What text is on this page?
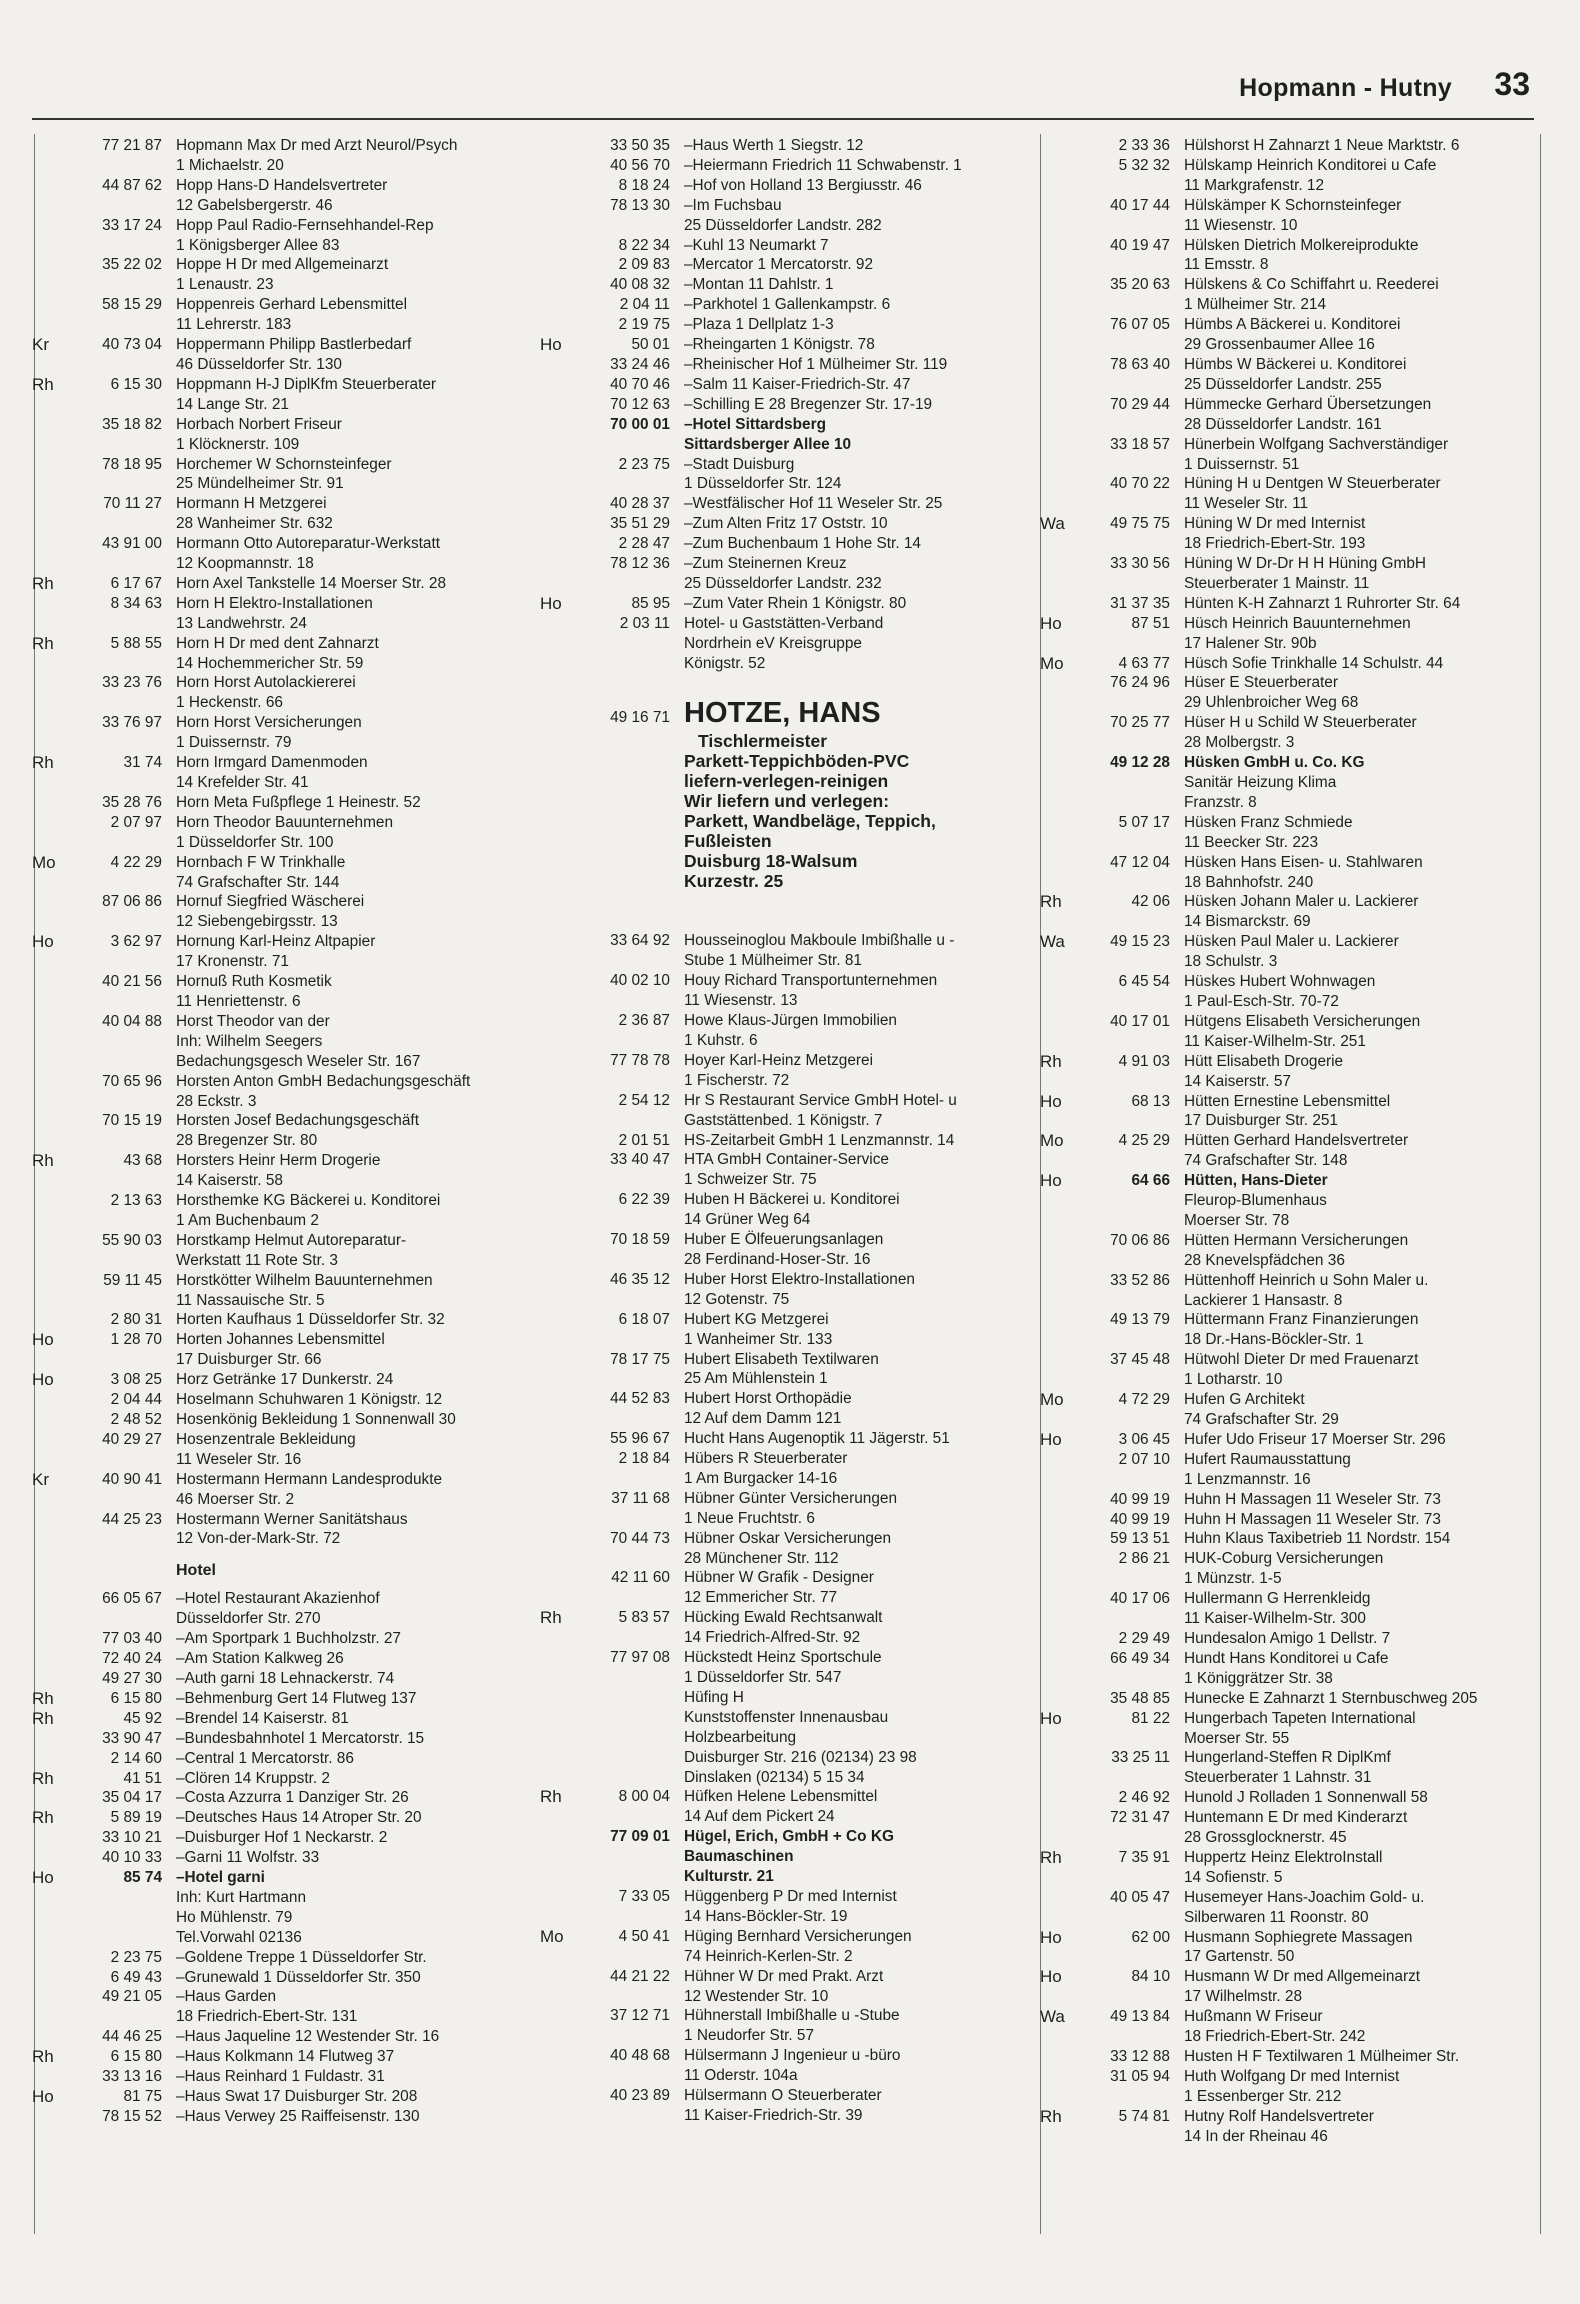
Hopmann - Hutny 33
77 21 87 Hopmann Max Dr med Arzt Neurol/Psych
1 Michaelstr. 20
44 87 62 Hopp Hans-D Handelsvertreter
12 Gabelsbergerstr. 46
33 17 24 Hopp Paul Radio-Fernsehhandel-Rep
1 Königsberger Allee 83
35 22 02 Hoppe H Dr med Allgemeinarzt
1 Lenaustr. 23
58 15 29 Hoppenreis Gerhard Lebensmittel
11 Lehrerstr. 183
Kr	40 73 04 Hoppermann Philipp Bastlerbedarf
46 Düsseldorfer Str. 130
Rh	6 15 30 Hoppmann H-J DiplKfm Steuerberater
14 Lange Str. 21
35 18 82 Horbach Norbert Friseur
1 Klöcknerstr. 109
78 18 95 Horchemer W Schornsteinfeger
25 Mündelheimer Str. 91
70 11 27 Hormann H Metzgerei
28 Wanheimer Str. 632
43 91 00 Hormann Otto Autoreparatur-Werkstatt
12 Koopmannstr. 18
Rh	6 17 67 Horn Axel Tankstelle 14 Moerser Str. 28
8 34 63 Horn H Elektro-Installationen
13 Landwehrstr. 24
Rh	5 88 55 Horn H Dr med dent Zahnarzt
14 Hochemmericher Str. 59
33 23 76 Horn Horst Autolackiererei
1 Heckenstr. 66
33 76 97 Horn Horst Versicherungen
1 Duissernstr. 79
Rh	31 74 Horn Irmgard Damenmoden
14 Krefelder Str. 41
35 28 76 Horn Meta Fußpflege 1 Heinestr. 52
2 07 97 Horn Theodor Bauunternehmen
1 Düsseldorfer Str. 100
Mo	4 22 29 Hornbach F W Trinkhalle
74 Grafschafter Str. 144
87 06 86 Hornuf Siegfried Wäscherei
12 Siebengebirgsstr. 13
Ho	3 62 97 Hornung Karl-Heinz Altpapier
17 Kronenstr. 71
40 21 56 Hornuß Ruth Kosmetik
11 Henriettenstr. 6
40 04 88 Horst Theodor van der
Inh: Wilhelm Seegers
Bedachungsgesch Weseler Str. 167
70 65 96 Horsten Anton GmbH Bedachungsgeschäft
28 Eckstr. 3
70 15 19 Horsten Josef Bedachungsgeschäft
28 Bregenzer Str. 80
Rh	43 68 Horsters Heinr Herm Drogerie
14 Kaiserstr. 58
2 13 63 Horsthemke KG Bäckerei u. Konditorei
1 Am Buchenbaum 2
55 90 03 Horstkamp Helmut Autoreparatur-
Werkstatt 11 Rote Str. 3
59 11 45 Horstkötter Wilhelm Bauunternehmen
11 Nassauische Str. 5
2 80 31 Horten Kaufhaus 1 Düsseldorfer Str. 32
Ho	1 28 70 Horten Johannes Lebensmittel
17 Duisburger Str. 66
Ho	3 08 25 Horz Getränke 17 Dunkerstr. 24
2 04 44 Hoselmann Schuhwaren 1 Königstr. 12
2 48 52 Hosenkönig Bekleidung 1 Sonnenwall 30
40 29 27 Hosenzentrale Bekleidung
11 Weseler Str. 16
Kr	40 90 41 Hostermann Hermann Landesprodukte
46 Moerser Str. 2
44 25 23 Hostermann Werner Sanitätshaus
12 Von-der-Mark-Str. 72
Hotel
66 05 67 –Hotel Restaurant Akazienhof
Düsseldorfer Str. 270
77 03 40 –Am Sportpark 1 Buchholzstr. 27
72 40 24 –Am Station Kalkweg 26
49 27 30 –Auth garni 18 Lehnackerstr. 74
Rh	6 15 80 –Behmenburg Gert 14 Flutweg 137
Rh	45 92 –Brendel 14 Kaiserstr. 81
33 90 47 –Bundesbahnhotel 1 Mercatorstr. 15
2 14 60 –Central 1 Mercatorstr. 86
Rh	41 51 –Clören 14 Kruppstr. 2
35 04 17 –Costa Azzurra 1 Danziger Str. 26
Rh	5 89 19 –Deutsches Haus 14 Atroper Str. 20
33 10 21 –Duisburger Hof 1 Neckarstr. 2
40 10 33 –Garni 11 Wolfstr. 33
Ho	85 74 –Hotel garni
Inh: Kurt Hartmann
Ho Mühlenstr. 79
Tel.Vorwahl 02136
2 23 75 –Goldene Treppe 1 Düsseldorfer Str.
6 49 43 –Grunewald 1 Düsseldorfer Str. 350
49 21 05 –Haus Garden
18 Friedrich-Ebert-Str. 131
44 46 25 –Haus Jaqueline 12 Westender Str. 16
Rh	6 15 80 –Haus Kolkmann 14 Flutweg 37
33 13 16 –Haus Reinhard 1 Fuldastr. 31
Ho	81 75 –Haus Swat 17 Duisburger Str. 208
78 15 52 –Haus Verwey 25 Raiffeisenstr. 130
33 50 35 –Haus Werth 1 Siegstr. 12
40 56 70 –Heiermann Friedrich 11 Schwabenstr. 1
8 18 24 –Hof von Holland 13 Bergiusstr. 46
78 13 30 –Im Fuchsbau
25 Düsseldorfer Landstr. 282
8 22 34 –Kuhl 13 Neumarkt 7
2 09 83 –Mercator 1 Mercatorstr. 92
40 08 32 –Montan 11 Dahlstr. 1
2 04 11 –Parkhotel 1 Gallenkampstr. 6
2 19 75 –Plaza 1 Dellplatz 1-3
Ho	50 01 –Rheingarten 1 Königstr. 78
33 24 46 –Rheinischer Hof 1 Mülheimer Str. 119
40 70 46 –Salm 11 Kaiser-Friedrich-Str. 47
70 12 63 –Schilling E 28 Bregenzer Str. 17-19
70 00 01 –Hotel Sittardsberg
Sittardsberger Allee 10
2 23 75 –Stadt Duisburg
1 Düsseldorfer Str. 124
40 28 37 –Westfälischer Hof 11 Weseler Str. 25
35 51 29 –Zum Alten Fritz 17 Oststr. 10
2 28 47 –Zum Buchenbaum 1 Hohe Str. 14
78 12 36 –Zum Steinernen Kreuz
25 Düsseldorfer Landstr. 232
Ho	85 95 –Zum Vater Rhein 1 Königstr. 80
2 03 11 Hotel- u Gaststätten-Verband
Nordrhein eV Kreisgruppe
Königstr. 52
49 16 71 HOTZE, HANS
Tischlermeister
Parkett-Teppichböden-PVC
liefern-verlegen-reinigen
Wir liefern und verlegen:
Parkett, Wandbeläge, Teppich,
Fußleisten
Duisburg 18-Walsum
Kurzestr. 25
33 64 92 Housseinoglou Makboule Imbißhalle u -
Stube 1 Mülheimer Str. 81
40 02 10 Houy Richard Transportunternehmen
11 Wiesenstr. 13
2 36 87 Howe Klaus-Jürgen Immobilien
1 Kuhstr. 6
77 78 78 Hoyer Karl-Heinz Metzgerei
1 Fischerstr. 72
2 54 12 Hr S Restaurant Service GmbH Hotel- u
Gaststättenbed. 1 Königstr. 7
2 01 51 HS-Zeitarbeit GmbH 1 Lenzmannstr. 14
33 40 47 HTA GmbH Container-Service
1 Schweizer Str. 75
6 22 39 Huben H Bäckerei u. Konditorei
14 Grüner Weg 64
70 18 59 Huber E Ölfeuerungsanlagen
28 Ferdinand-Hoser-Str. 16
46 35 12 Huber Horst Elektro-Installationen
12 Gotenstr. 75
6 18 07 Hubert KG Metzgerei
1 Wanheimer Str. 133
78 17 75 Hubert Elisabeth Textilwaren
25 Am Mühlenstein 1
44 52 83 Hubert Horst Orthopädie
12 Auf dem Damm 121
55 96 67 Hucht Hans Augenoptik 11 Jägerstr. 51
2 18 84 Hübers R Steuerberater
1 Am Burgacker 14-16
37 11 68 Hübner Günter Versicherungen
1 Neue Fruchtstr. 6
70 44 73 Hübner Oskar Versicherungen
28 Münchener Str. 112
42 11 60 Hübner W Grafik - Designer
12 Emmericher Str. 77
Rh	5 83 57 Hücking Ewald Rechtsanwalt
14 Friedrich-Alfred-Str. 92
77 97 08 Hückstedt Heinz Sportschule
1 Düsseldorfer Str. 547
Hüfing H
Kunststoffenster Innenausbau
Holzbearbeitung
Duisburger Str. 216 (02134) 23 98
Dinslaken (02134) 5 15 34
Rh	8 00 04 Hüfken Helene Lebensmittel
14 Auf dem Pickert 24
77 09 01 Hügel, Erich, GmbH + Co KG
Baumaschinen
Kulturstr. 21
7 33 05 Hüggenberg P Dr med Internist
14 Hans-Böckler-Str. 19
Mo	4 50 41 Hüging Bernhard Versicherungen
74 Heinrich-Kerlen-Str. 2
44 21 22 Hühner W Dr med Prakt. Arzt
12 Westender Str. 10
37 12 71 Hühnerstall Imbißhalle u -Stube
1 Neudorfer Str. 57
40 48 68 Hülsermann J Ingenieur u -büro
11 Oderstr. 104a
40 23 89 Hülsermann O Steuerberater
11 Kaiser-Friedrich-Str. 39
2 33 36 Hülshorst H Zahnarzt 1 Neue Marktstr. 6
5 32 32 Hülskamp Heinrich Konditorei u Cafe
11 Markgrafenstr. 12
40 17 44 Hülskämper K Schornsteinfeger
11 Wiesenstr. 10
40 19 47 Hülsken Dietrich Molkereiprodukte
11 Emsstr. 8
35 20 63 Hülskens & Co Schiffahrt u. Reederei
1 Mülheimer Str. 214
76 07 05 Hümbs A Bäckerei u. Konditorei
29 Grossenbaumer Allee 16
78 63 40 Hümbs W Bäckerei u. Konditorei
25 Düsseldorfer Landstr. 255
70 29 44 Hümmecke Gerhard Übersetzungen
28 Düsseldorfer Landstr. 161
33 18 57 Hünerbein Wolfgang Sachverständiger
1 Duissernstr. 51
40 70 22 Hüning H u Dentgen W Steuerberater
11 Weseler Str. 11
Wa	49 75 75 Hüning W Dr med Internist
18 Friedrich-Ebert-Str. 193
33 30 56 Hüning W Dr-Dr H H Hüning GmbH
Steuerberater 1 Mainstr. 11
31 37 35 Hünten K-H Zahnarzt 1 Ruhrorter Str. 64
Ho	87 51 Hüsch Heinrich Bauunternehmen
17 Halener Str. 90b
Mo	4 63 77 Hüsch Sofie Trinkhalle 14 Schulstr. 44
76 24 96 Hüser E Steuerberater
29 Uhlenbroicher Weg 68
70 25 77 Hüser H u Schild W Steuerberater
28 Molbergstr. 3
49 12 28 Hüsken GmbH u. Co. KG
Sanitär Heizung Klima
Franzstr. 8
5 07 17 Hüsken Franz Schmiede
11 Beecker Str. 223
47 12 04 Hüsken Hans Eisen- u. Stahlwaren
18 Bahnhofstr. 240
Rh	42 06 Hüsken Johann Maler u. Lackierer
14 Bismarckstr. 69
Wa	49 15 23 Hüsken Paul Maler u. Lackierer
18 Schulstr. 3
6 45 54 Hüskes Hubert Wohnwagen
1 Paul-Esch-Str. 70-72
40 17 01 Hütgens Elisabeth Versicherungen
11 Kaiser-Wilhelm-Str. 251
Rh	4 91 03 Hütt Elisabeth Drogerie
14 Kaiserstr. 57
Ho	68 13 Hütten Ernestine Lebensmittel
17 Duisburger Str. 251
Mo	4 25 29 Hütten Gerhard Handelsvertreter
74 Grafschafter Str. 148
Ho	64 66 Hütten, Hans-Dieter
Fleurop-Blumenhaus
Moerser Str. 78
70 06 86 Hütten Hermann Versicherungen
28 Knevelspfädchen 36
33 52 86 Hüttenhoff Heinrich u Sohn Maler u.
Lackierer 1 Hansastr. 8
49 13 79 Hüttermann Franz Finanzierungen
18 Dr.-Hans-Böckler-Str. 1
37 45 48 Hütwohl Dieter Dr med Frauenarzt
1 Lotharstr. 10
Mo	4 72 29 Hufen G Architekt
74 Grafschafter Str. 29
Ho	3 06 45 Hufer Udo Friseur 17 Moerser Str. 296
2 07 10 Hufert Raumausstattung
1 Lenzmannstr. 16
40 99 19 Huhn H Massagen 11 Weseler Str. 73
40 99 19 Huhn H Massagen 11 Weseler Str. 73
59 13 51 Huhn Klaus Taxibetrieb 11 Nordstr. 154
2 86 21 HUK-Coburg Versicherungen
1 Münzstr. 1-5
40 17 06 Hullermann G Herrenkleidg
11 Kaiser-Wilhelm-Str. 300
2 29 49 Hundesalon Amigo 1 Dellstr. 7
66 49 34 Hundt Hans Konditorei u Cafe
1 Königgrätzer Str. 38
35 48 85 Hunecke E Zahnarzt 1 Sternbuschweg 205
Ho	81 22 Hungerbach Tapeten International
Moerser Str. 55
33 25 11 Hungerland-Steffen R DiplKmf
Steuerberater 1 Lahnstr. 31
2 46 92 Hunold J Rolladen 1 Sonnenwall 58
72 31 47 Huntemann E Dr med Kinderarzt
28 Grossglocknerstr. 45
Rh	7 35 91 Huppertz Heinz ElektroInstall
14 Sofienstr. 5
40 05 47 Husemeyer Hans-Joachim Gold- u.
Silberwaren 11 Roonstr. 80
Ho	62 00 Husmann Sophiegrete Massagen
17 Gartenstr. 50
Ho	84 10 Husmann W Dr med Allgemeinarzt
17 Wilhelmstr. 28
Wa	49 13 84 Hußmann W Friseur
18 Friedrich-Ebert-Str. 242
33 12 88 Husten H F Textilwaren 1 Mülheimer Str.
31 05 94 Huth Wolfgang Dr med Internist
1 Essenberger Str. 212
Rh	5 74 81 Hutny Rolf Handelsvertreter
14 In der Rheinau 46
